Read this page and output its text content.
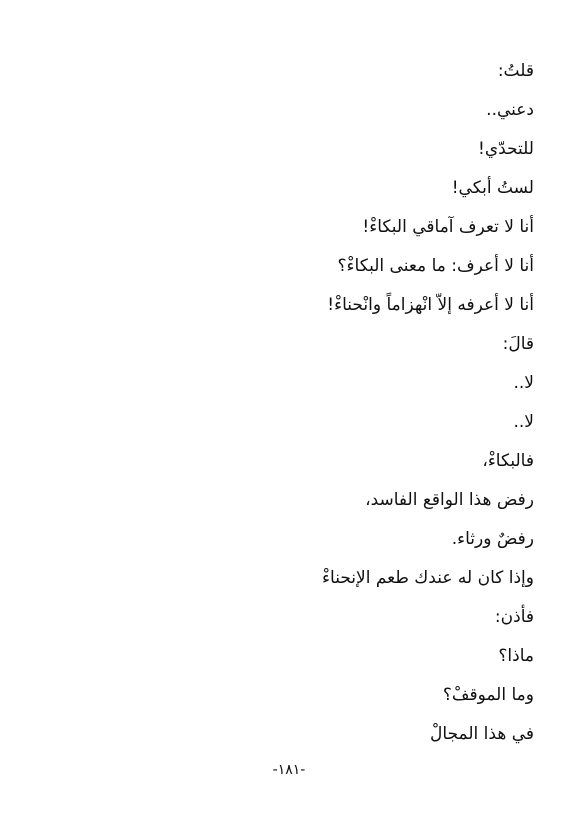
قلتُ:
دعني..
للتحدّي!
لستُ أبكي!
أنا لا تعرف آماقي البكاءْ!
أنا لا أعرف: ما معنى البكاءْ؟
أنا لا أعرفه إلاّ انْهزاماً وانْحناءْ!
قالَ:
لا..
لا..
فالبكاءْ،
رفض هذا الواقع الفاسد،
رفضٌ ورثاء.
وإذا كان له عندك طعم الإنحناءْ
فأذن:
ماذا؟
وما الموقفْ؟
في هذا المجالْ
-١٨١-
